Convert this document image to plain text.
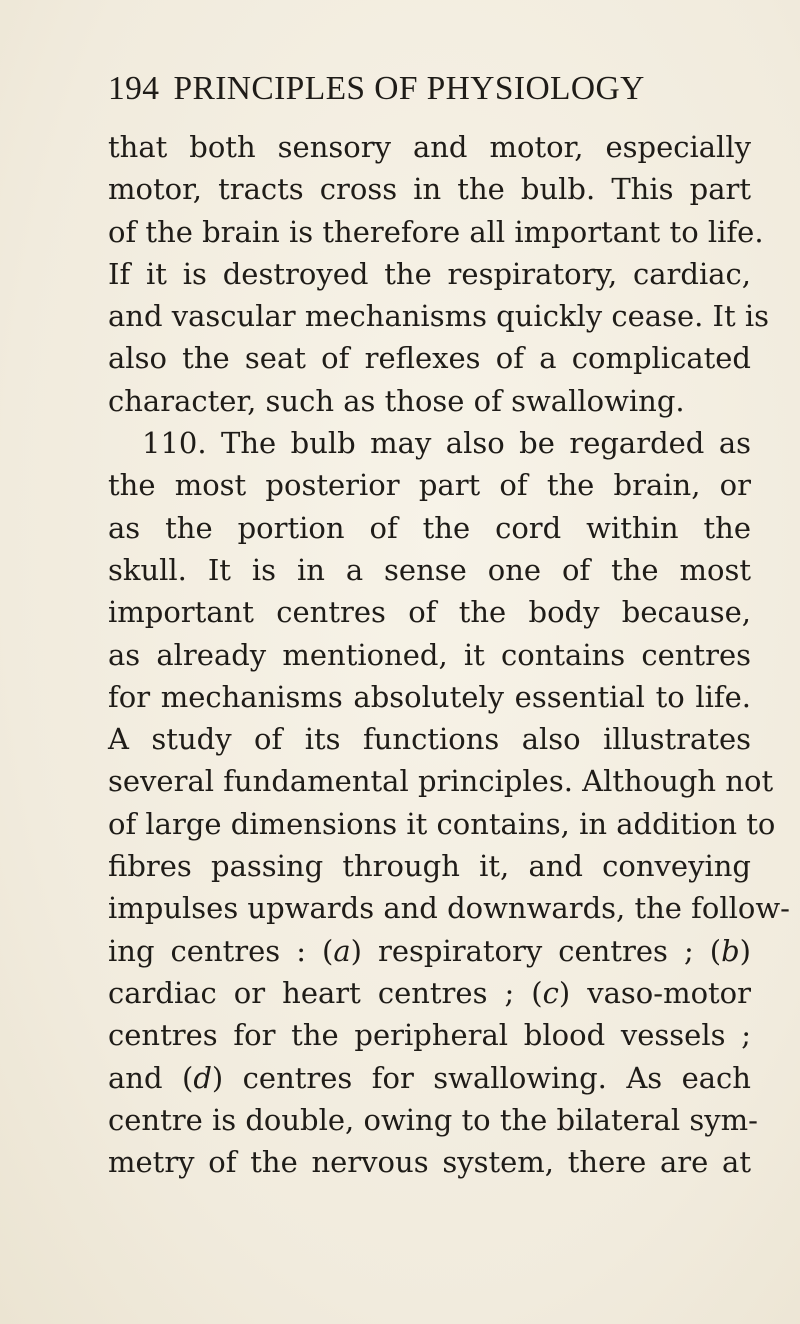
194 PRINCIPLES OF PHYSIOLOGY
that both sensory and motor, especially
motor, tracts cross in the bulb. This part
of the brain is therefore all important to life.
If it is destroyed the respiratory, cardiac,
and vascular mechanisms quickly cease. It is
also the seat of reflexes of a complicated
character, such as those of swallowing.
110. The bulb may also be regarded as
the most posterior part of the brain, or
as the portion of the cord within the
skull. It is in a sense one of the most
important centres of the body because,
as already mentioned, it contains centres
for mechanisms absolutely essential to life.
A study of its functions also illustrates
several fundamental principles. Although not
of large dimensions it contains, in addition to
fibres passing through it, and conveying
impulses upwards and downwards, the follow-
ing centres : (a) respiratory centres ; (b)
cardiac or heart centres ; (c) vaso-motor
centres for the peripheral blood vessels ;
and (d) centres for swallowing. As each
centre is double, owing to the bilateral sym-
metry of the nervous system, there are at
